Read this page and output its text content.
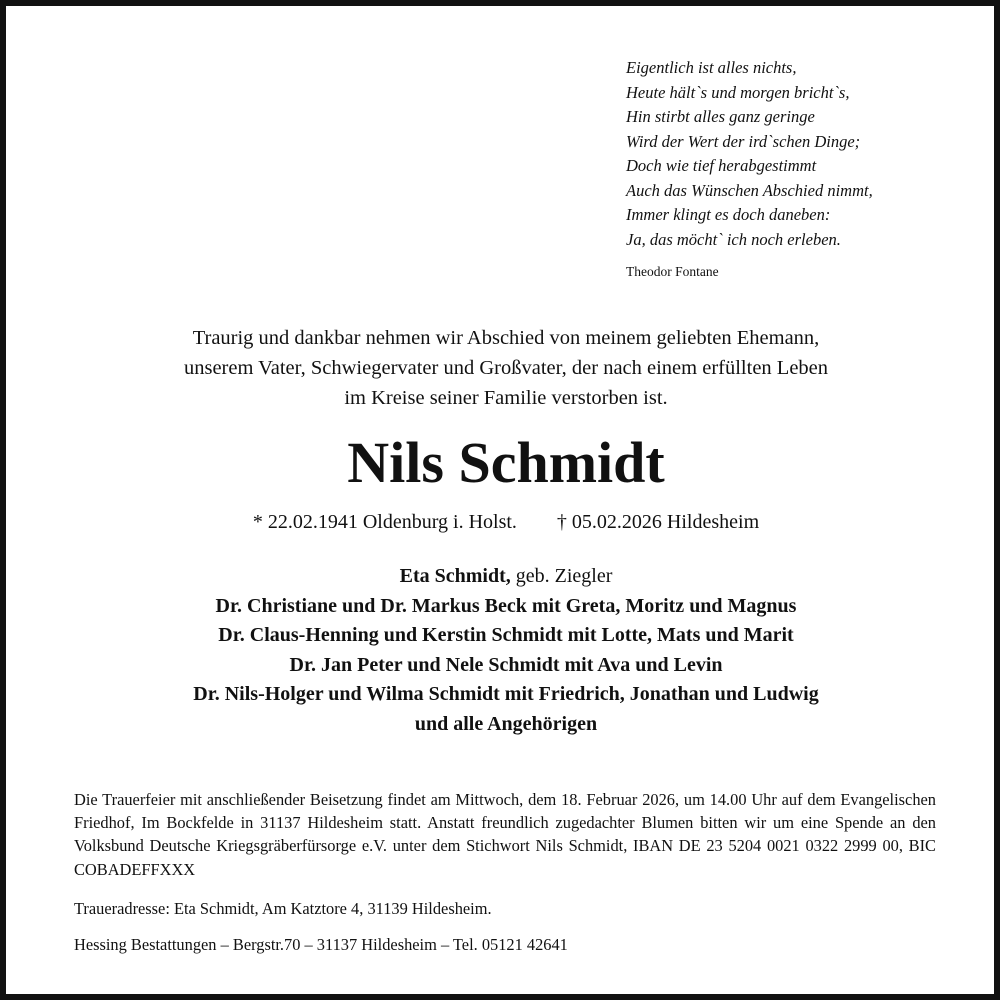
Eigentlich ist alles nichts,
Heute hält`s und morgen bricht`s,
Hin stirbt alles ganz geringe
Wird der Wert der ird`schen Dinge;
Doch wie tief herabgestimmt
Auch das Wünschen Abschied nimmt,
Immer klingt es doch daneben:
Ja, das möcht` ich noch erleben.
Theodor Fontane
Traurig und dankbar nehmen wir Abschied von meinem geliebten Ehemann,
unserem Vater, Schwiegervater und Großvater, der nach einem erfüllten Leben
im Kreise seiner Familie verstorben ist.
Nils Schmidt
* 22.02.1941 Oldenburg i. Holst. † 05.02.2026 Hildesheim
Eta Schmidt, geb. Ziegler
Dr. Christiane und Dr. Markus Beck mit Greta, Moritz und Magnus
Dr. Claus-Henning und Kerstin Schmidt mit Lotte, Mats und Marit
Dr. Jan Peter und Nele Schmidt mit Ava und Levin
Dr. Nils-Holger und Wilma Schmidt mit Friedrich, Jonathan und Ludwig
und alle Angehörigen
Die Trauerfeier mit anschließender Beisetzung findet am Mittwoch, dem 18. Februar 2026, um 14.00 Uhr auf dem Evangelischen Friedhof, Im Bockfelde in 31137 Hildesheim statt. Anstatt freundlich zugedachter Blumen bitten wir um eine Spende an den Volksbund Deutsche Kriegsgräberfürsorge e.V. unter dem Stichwort Nils Schmidt, IBAN DE 23 5204 0021 0322 2999 00, BIC COBADEFFXXX
Traueradresse: Eta Schmidt, Am Katztore 4, 31139 Hildesheim.
Hessing Bestattungen – Bergstr.70 – 31137 Hildesheim – Tel. 05121 42641
